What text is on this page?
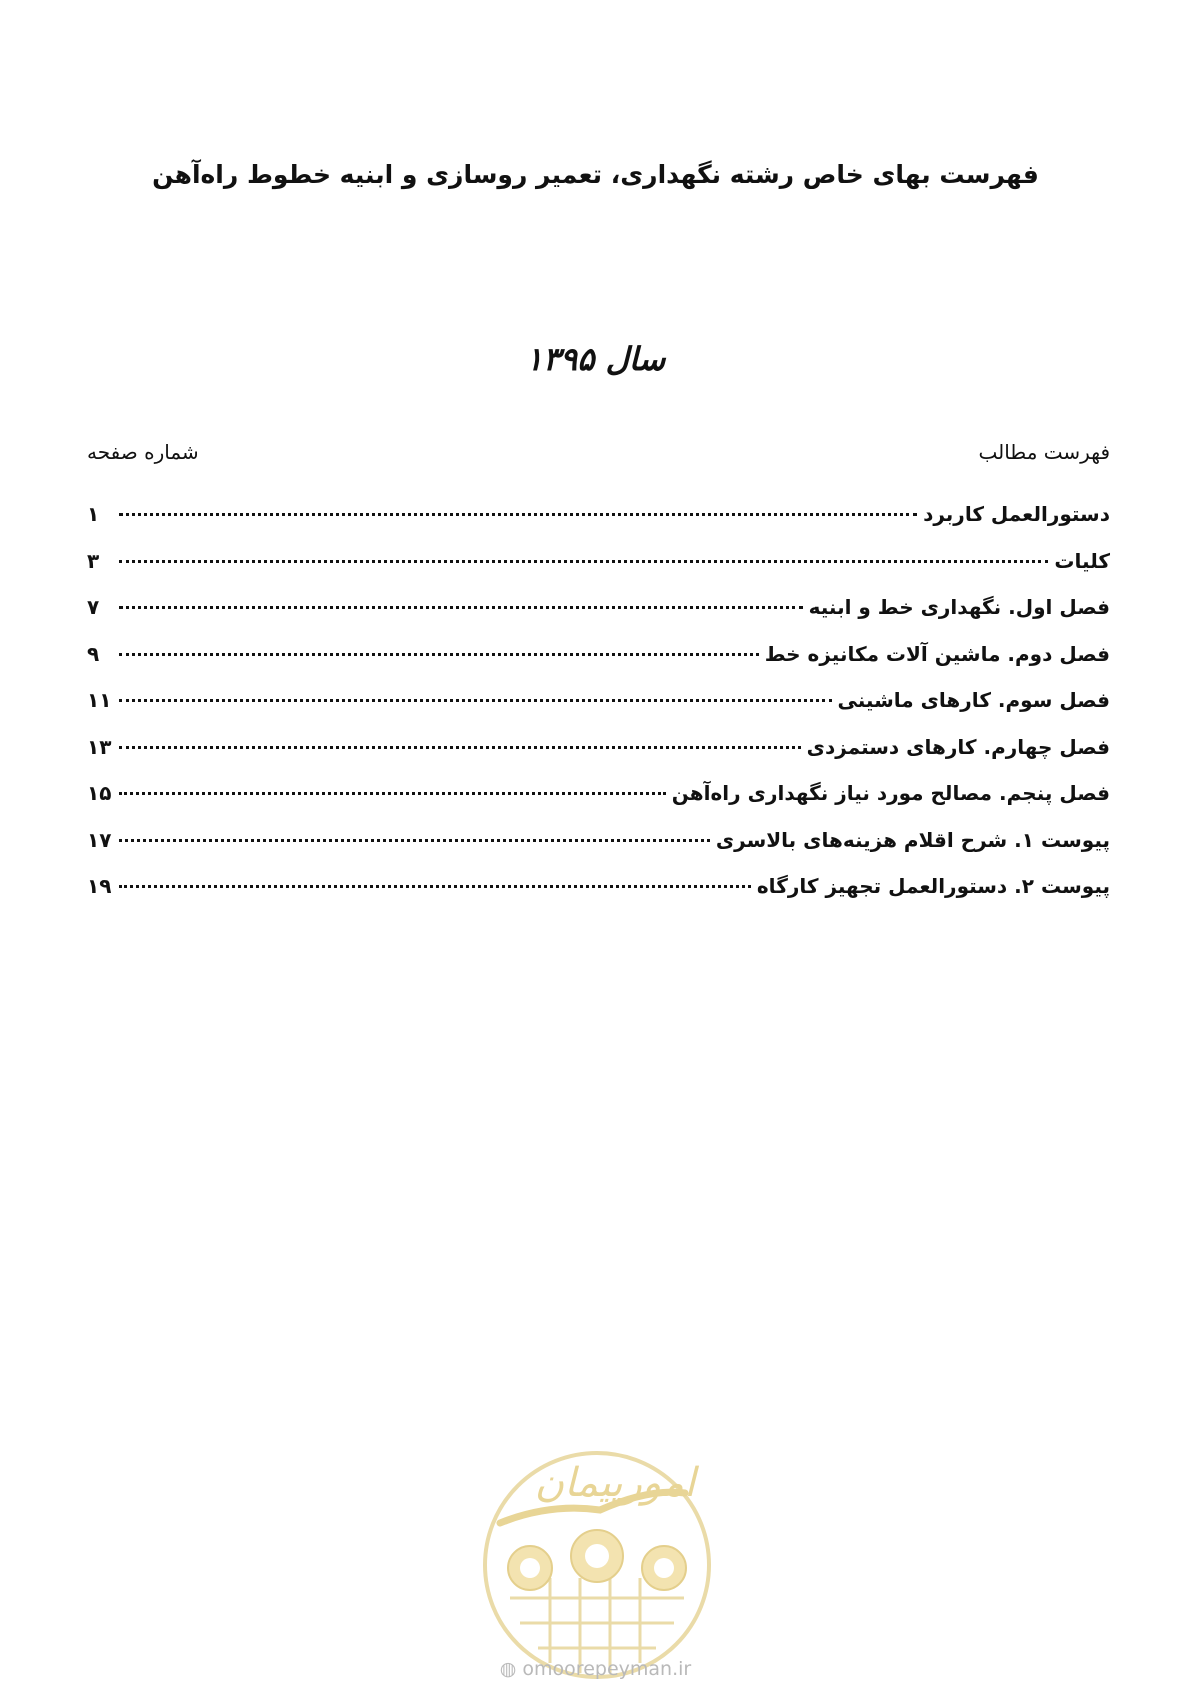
فهرست بهای خاص رشته نگهداری، تعمیر روسازی و ابنیه خطوط راه‌آهن
سال ۱۳۹۵
فهرست مطالب
شماره صفحه
دستورالعمل کاربرد
۱
کلیات
۳
فصل اول. نگهداری خط و ابنیه
۷
فصل دوم. ماشین آلات مکانیزه خط
۹
فصل سوم. کارهای ماشینی
۱۱
فصل چهارم. کارهای دستمزدی
۱۳
فصل پنجم. مصالح مورد نیاز نگهداری راه‌آهن
۱۵
پیوست ۱. شرح اقلام هزینه‌های بالاسری
۱۷
پیوست ۲. دستورالعمل تجهیز کارگاه
۱۹
امورپیمان
◍ omoorepeyman.ir
